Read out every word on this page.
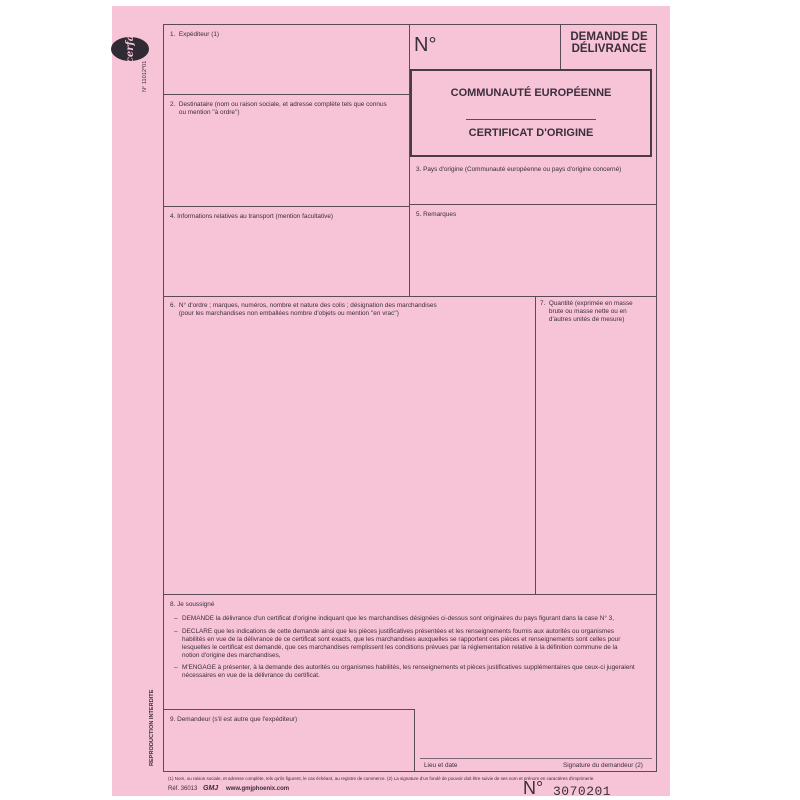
cerfa
N° 11012*01
REPRODUCTION INTERDITE
N°	DEMANDE DE
DÉLIVRANCE
COMMUNAUTÉ EUROPÉENNE
CERTIFICAT D'ORIGINE
1.  Expéditeur (1)
2.  Destinataire (nom ou raison sociale, et adresse complète tels que connus
ou mention ''à ordre'')
3. Pays d'origine (Communauté européenne ou pays d'origine concerné)
4. Informations relatives au transport (mention facultative)	5. Remarques
6.  N° d'ordre ; marques, numéros, nombre et nature des colis ; désignation des marchandises
(pour les marchandises non emballées nombre d'objets ou mention ''en vrac'')
7.  Quantité (exprimée en masse
brute ou masse nette ou en
d'autres unités de mesure)
8. Je soussigné
– DEMANDE la délivrance d'un certificat d'origine indiquant que les marchandises désignées ci-dessus sont originaires du pays figurant dans la case N° 3,
– DECLARE que les indications de cette demande ainsi que les pièces justificatives présentées et les renseignements fournis aux autorités ou organismes
habilités en vue de la délivrance de ce certificat sont exacts, que les marchandises auxquelles se rapportent ces pièces et renseignements sont celles pour
lesquelles le certificat est demandé, que ces marchandises remplissent les conditions prévues par la réglementation relative à la définition commune de la
notion d'origine des marchandises,
– M'ENGAGE à présenter, à la demande des autorités ou organismes habilités, les renseignements et pièces justificatives supplémentaires que ceux-ci jugeraient
nécessaires en vue de la délivrance du certificat.
9. Demandeur (s'il est autre que l'expéditeur)
Lieu et date	Signature du demandeur (2)
(1) Nom, ou raison sociale, et adresse complète, tels qu'ils figurent, le cas échéant, au registre de commerce. (2) La signature d'un fondé de pouvoir doit être suivie de ses nom et prénom en caractères d'imprimerie.
Réf. 36013 GMJ www.gmjphoenix.com	N° 3070201
